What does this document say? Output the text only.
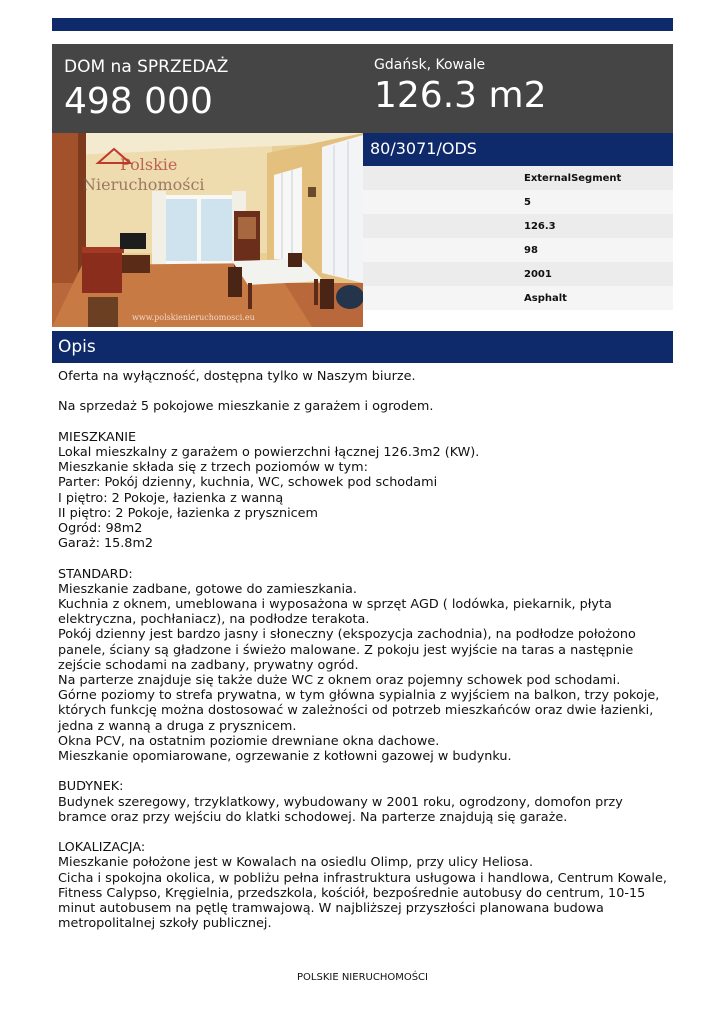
DOM na SPRZEDAŻ
498 000
Gdańsk, Kowale
126.3 m2
Polskie
Nieruchomości
www.polskienieruchomosci.eu
80/3071/ODS
ExternalSegment
5
126.3
98
2001
Asphalt
Opis

Oferta na wyłączność, dostępna tylko w Naszym biurze.

Na sprzedaż 5 pokojowe mieszkanie z garażem i ogrodem.

MIESZKANIE

Lokal mieszkalny z garażem o powierzchni łącznej 126.3m2 (KW).

Mieszkanie składa się z trzech poziomów w tym:

Parter: Pokój dzienny, kuchnia, WC, schowek pod schodami

I piętro: 2 Pokoje, łazienka z wanną

II piętro: 2 Pokoje, łazienka z prysznicem

Ogród: 98m2

Garaż: 15.8m2

STANDARD:

Mieszkanie zadbane, gotowe do zamieszkania.

Kuchnia z oknem, umeblowana i wyposażona w sprzęt AGD ( lodówka, piekarnik, płyta elektryczna, pochłaniacz), na podłodze terakota.

Pokój dzienny jest bardzo jasny i słoneczny (ekspozycja zachodnia), na podłodze położono panele, ściany są gładzone i świeżo malowane. Z pokoju jest wyjście na taras a następnie zejście schodami na zadbany, prywatny ogród.

Na parterze znajduje się także duże WC z oknem oraz pojemny schowek pod schodami.

Górne poziomy to strefa prywatna, w tym główna sypialnia z wyjściem na balkon, trzy pokoje, których funkcję można dostosować w zależności od potrzeb mieszkańców oraz dwie łazienki, jedna z wanną a druga z prysznicem.

Okna PCV, na ostatnim poziomie drewniane okna dachowe.

Mieszkanie opomiarowane, ogrzewanie z kotłowni gazowej w budynku.

BUDYNEK:

Budynek szeregowy, trzyklatkowy, wybudowany w 2001 roku, ogrodzony, domofon przy bramce oraz przy wejściu do klatki schodowej. Na parterze znajdują się garaże.

LOKALIZACJA:

Mieszkanie położone jest w Kowalach na osiedlu Olimp, przy ulicy Heliosa.

Cicha i spokojna okolica, w pobliżu pełna infrastruktura usługowa i handlowa, Centrum Kowale, Fitness Calypso, Kręgielnia, przedszkola, kościół, bezpośrednie autobusy do centrum, 10-15 minut autobusem na pętlę tramwajową. W najbliższej przyszłości planowana budowa metropolitalnej szkoły publicznej.

POLSKIE NIERUCHOMOŚCI
